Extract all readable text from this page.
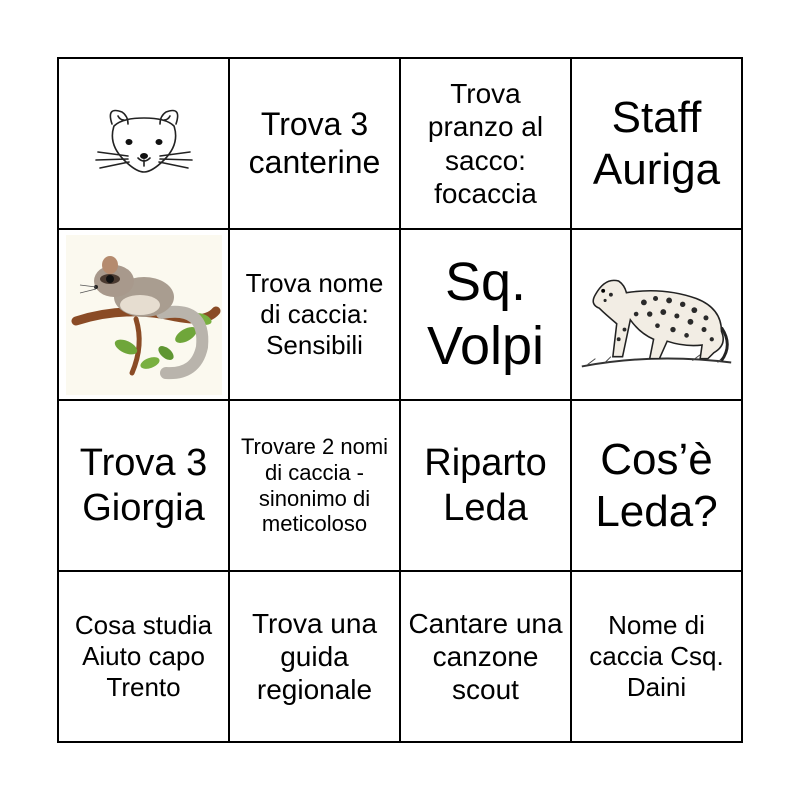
Trova 3 canterine
Trova pranzo al sacco: focaccia
Staff Auriga
Trova nome di caccia: Sensibili
Sq. Volpi
Trova 3 Giorgia
Trovare 2 nomi di caccia - sinonimo di meticoloso
Riparto Leda
Cos’è Leda?
Cosa studia Aiuto capo Trento
Trova una guida regionale
Cantare una canzone scout
Nome di caccia Csq. Daini
